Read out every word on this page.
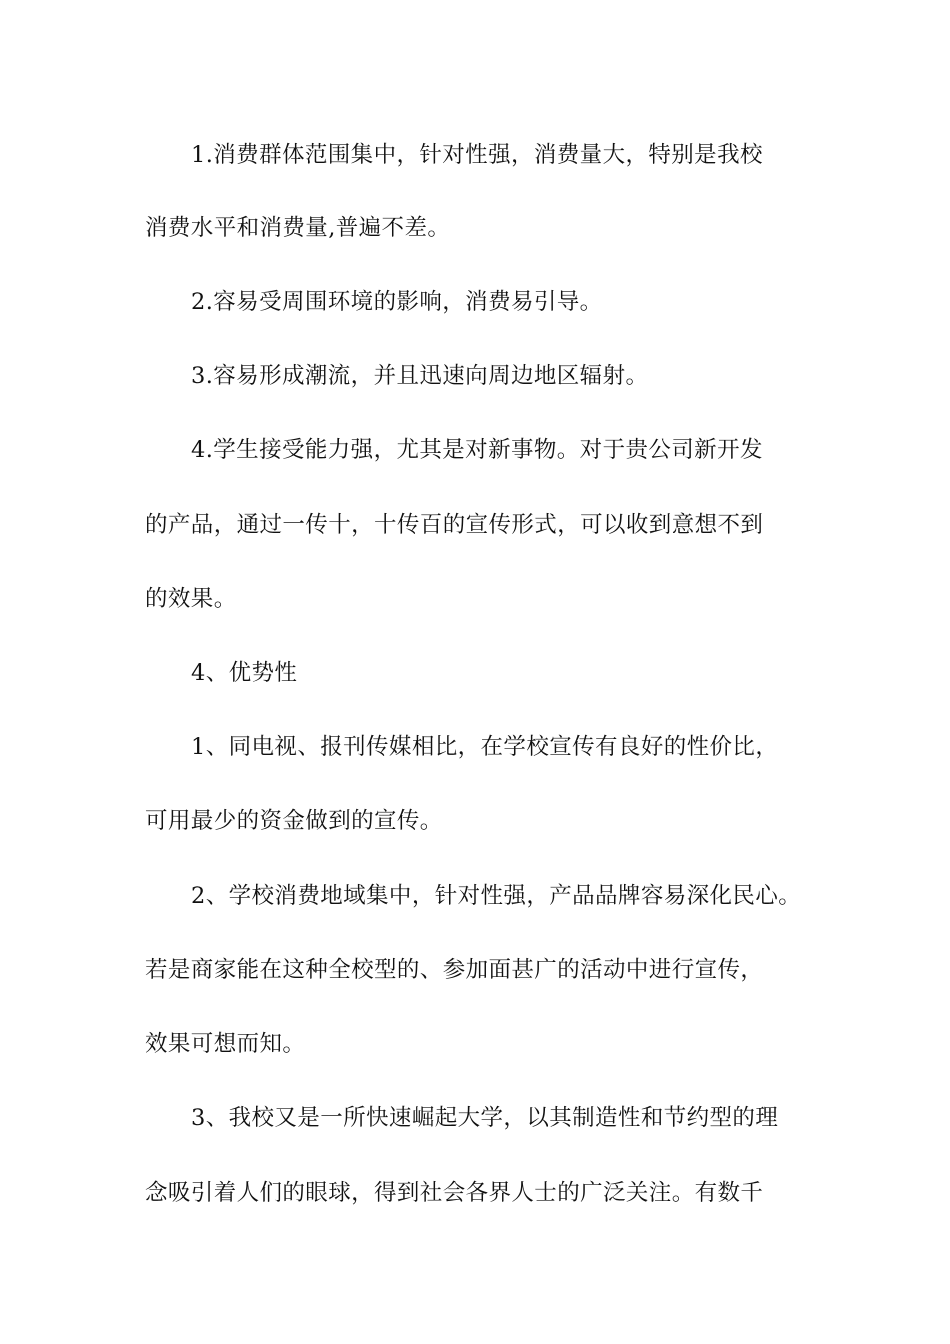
1.消费群体范围集中，针对性强，消费量大，特别是我校
消费水平和消费量,普遍不差。
2.容易受周围环境的影响，消费易引导。
3.容易形成潮流，并且迅速向周边地区辐射。
4.学生接受能力强，尤其是对新事物。对于贵公司新开发
的产品，通过一传十，十传百的宣传形式，可以收到意想不到
的效果。
4、优势性
1、同电视、报刊传媒相比，在学校宣传有良好的性价比，
可用最少的资金做到的宣传。
2、学校消费地域集中，针对性强，产品品牌容易深化民心。
若是商家能在这种全校型的、参加面甚广的活动中进行宣传，
效果可想而知。
3、我校又是一所快速崛起大学，以其制造性和节约型的理
念吸引着人们的眼球，得到社会各界人士的广泛关注。有数千
